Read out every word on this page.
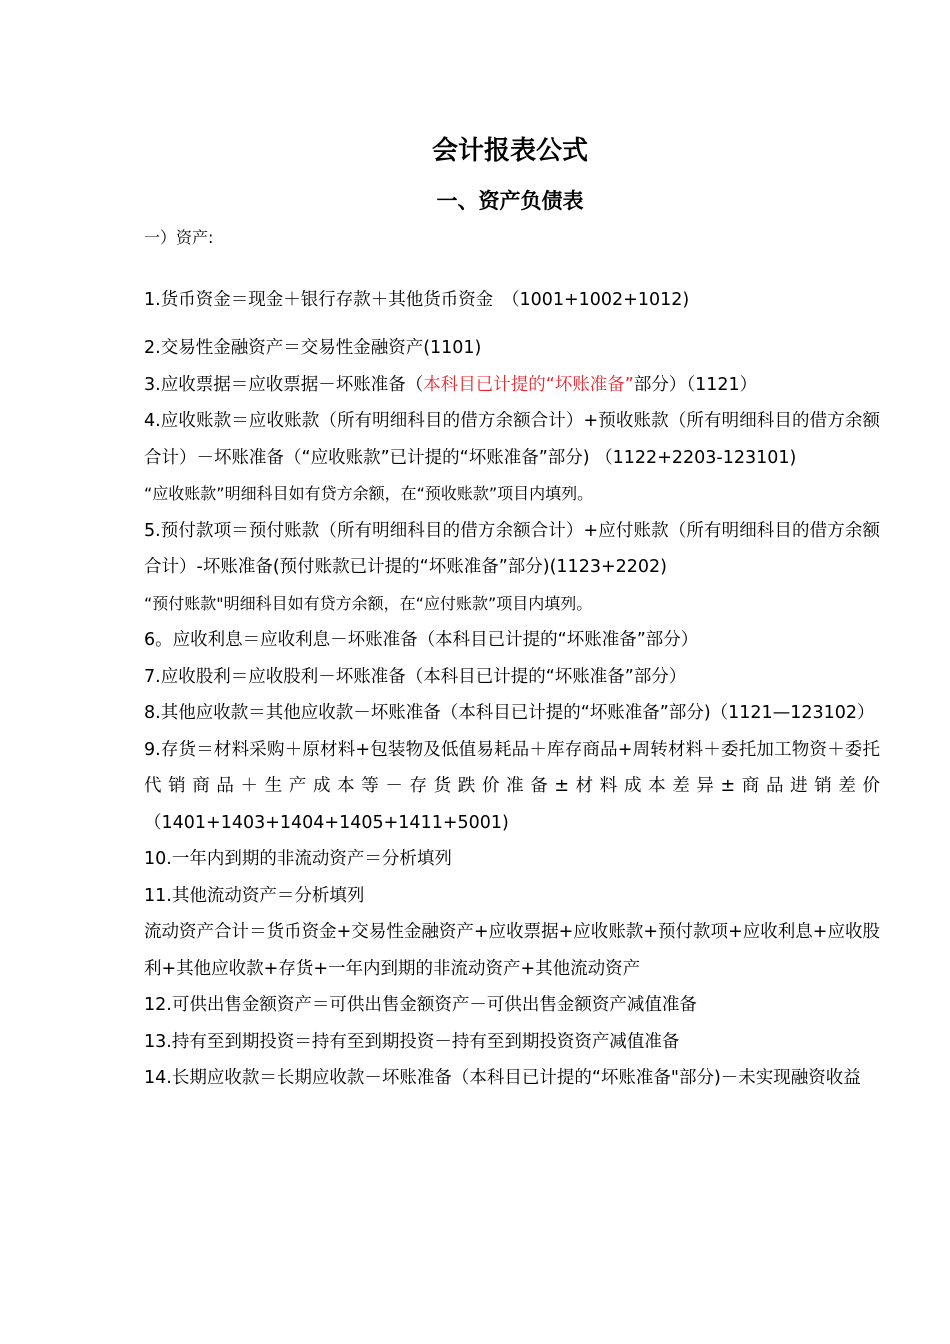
会计报表公式
一、资产负债表
一）资产:

1.货币资金＝现金＋银行存款＋其他货币资金　（1001+1002+1012)

2.交易性金融资产＝交易性金融资产(1101)

3.应收票据＝应收票据－坏账准备（本科目已计提的“坏账准备”部分）（1121）

4.应收账款＝应收账款（所有明细科目的借方余额合计）+预收账款（所有明细科目的借方余额合计）－坏账准备（“应收账款”已计提的“坏账准备”部分) （1122+2203-123101)

“应收账款”明细科目如有贷方余额，在“预收账款”项目内填列。

5.预付款项＝预付账款（所有明细科目的借方余额合计）+应付账款（所有明细科目的借方余额合计）-坏账准备(预付账款已计提的“坏账准备”部分)(1123+2202)

“预付账款"明细科目如有贷方余额，在“应付账款”项目内填列。

6。应收利息＝应收利息－坏账准备（本科目已计提的“坏账准备”部分）

7.应收股利＝应收股利－坏账准备（本科目已计提的“坏账准备”部分）

8.其他应收款＝其他应收款－坏账准备（本科目已计提的“坏账准备”部分)（1121—123102）

9.存货＝材料采购＋原材料+包装物及低值易耗品＋库存商品+周转材料＋委托加工物资＋委托代销商品＋生产成本等－存货跌价准备±材料成本差异±商品进销差价（1401+1403+1404+1405+1411+5001)

10.一年内到期的非流动资产＝分析填列

11.其他流动资产＝分析填列

流动资产合计＝货币资金+交易性金融资产+应收票据+应收账款+预付款项+应收利息+应收股利+其他应收款+存货+一年内到期的非流动资产+其他流动资产

12.可供出售金额资产＝可供出售金额资产－可供出售金额资产减值准备

13.持有至到期投资＝持有至到期投资－持有至到期投资资产减值准备

14.长期应收款＝长期应收款－坏账准备（本科目已计提的“坏账准备"部分)－未实现融资收益
